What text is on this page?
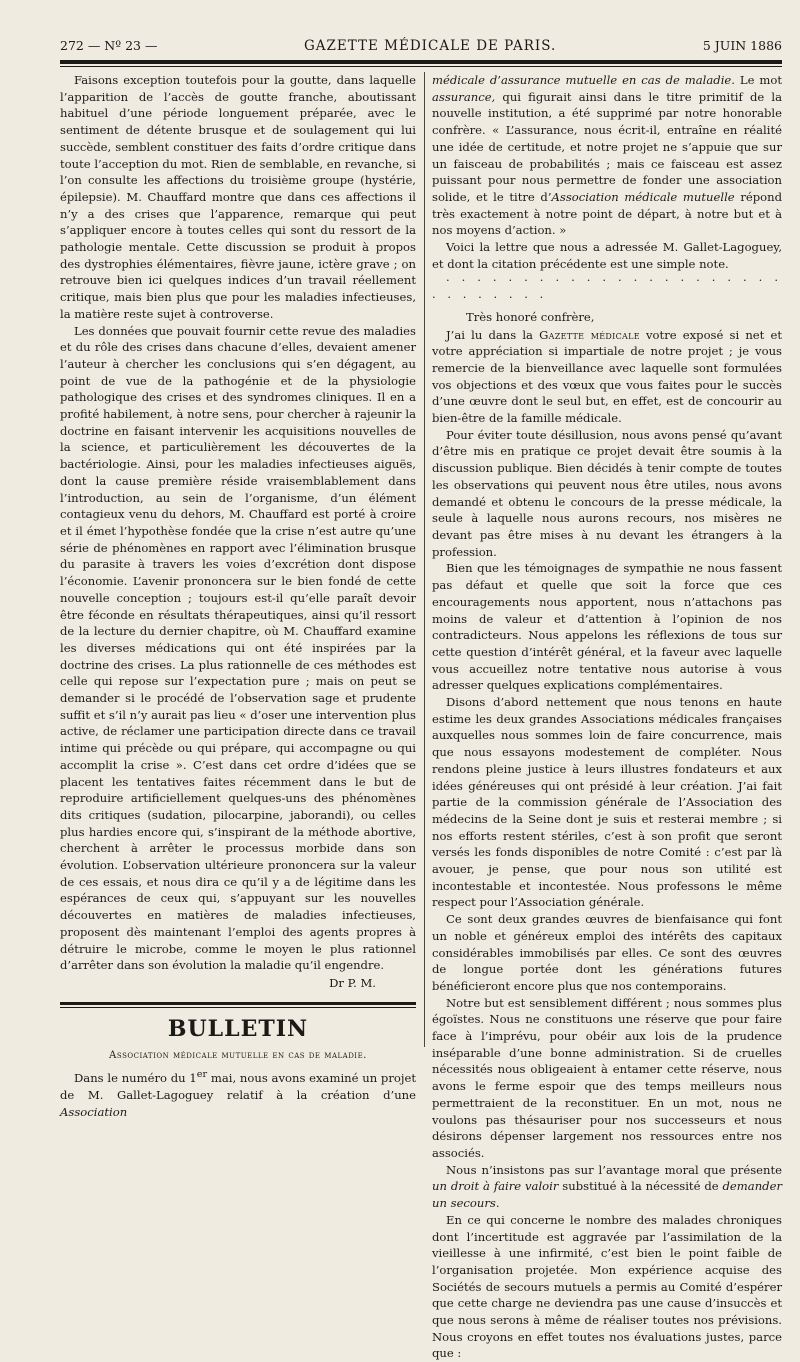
272 — Nº 23 —	GAZETTE MÉDICALE DE PARIS.	5 JUIN 1886

Faisons exception toutefois pour la goutte, dans laquelle l’apparition de l’accès de goutte franche, aboutissant habituel d’une période longuement préparée, avec le sentiment de détente brusque et de soulagement qui lui succède, semblent constituer des faits d’ordre critique dans toute l’acception du mot. Rien de semblable, en revanche, si l’on consulte les affections du troisième groupe (hystérie, épilepsie). M. Chauffard montre que dans ces affections il n’y a des crises que l’apparence, remarque qui peut s’appliquer encore à toutes celles qui sont du ressort de la pathologie mentale. Cette discussion se produit à propos des dystrophies élémentaires, fièvre jaune, ictère grave ; on retrouve bien ici quelques indices d’un travail réellement critique, mais bien plus que pour les maladies infectieuses, la matière reste sujet à controverse.

Les données que pouvait fournir cette revue des maladies et du rôle des crises dans chacune d’elles, devaient amener l’auteur à chercher les conclusions qui s’en dégagent, au point de vue de la pathogénie et de la physiologie pathologique des crises et des syndromes cliniques. Il en a profité habilement, à notre sens, pour chercher à rajeunir la doctrine en faisant intervenir les acquisitions nouvelles de la science, et particulièrement les découvertes de la bactériologie. Ainsi, pour les maladies infectieuses aiguës, dont la cause première réside vraisemblablement dans l’introduction, au sein de l’organisme, d’un élément contagieux venu du dehors, M. Chauffard est porté à croire et il émet l’hypothèse fondée que la crise n’est autre qu’une série de phénomènes en rapport avec l’élimination brusque du parasite à travers les voies d’excrétion dont dispose l’économie. L’avenir prononcera sur le bien fondé de cette nouvelle conception ; toujours est-il qu’elle paraît devoir être féconde en résultats thérapeutiques, ainsi qu’il ressort de la lecture du dernier chapitre, où M. Chauffard examine les diverses médications qui ont été inspirées par la doctrine des crises. La plus rationnelle de ces méthodes est celle qui repose sur l’expectation pure ; mais on peut se demander si le procédé de l’observation sage et prudente suffit et s’il n’y aurait pas lieu « d’oser une intervention plus active, de réclamer une participation directe dans ce travail intime qui précède ou qui prépare, qui accompagne ou qui accomplit la crise ». C’est dans cet ordre d’idées que se placent les tentatives faites récemment dans le but de reproduire artificiellement quelques-uns des phénomènes dits critiques (sudation, pilocarpine, jaborandi), ou celles plus hardies encore qui, s’inspirant de la méthode abortive, cherchent à arrêter le processus morbide dans son évolution. L’observation ultérieure prononcera sur la valeur de ces essais, et nous dira ce qu’il y a de légitime dans les espérances de ceux qui, s’appuyant sur les nouvelles découvertes en matières de maladies infectieuses, proposent dès maintenant l’emploi des agents propres à détruire le microbe, comme le moyen le plus rationnel d’arrêter dans son évolution la maladie qu’il engendre.

Dr P. M.

BULLETIN
Association médicale mutuelle en cas de maladie.

Dans le numéro du 1er mai, nous avons examiné un projet de M. Gallet-Lagoguey relatif à la création d’une Association

médicale d’assurance mutuelle en cas de maladie. Le mot assurance, qui figurait ainsi dans le titre primitif de la nouvelle institution, a été supprimé par notre honorable confrère. « L’assurance, nous écrit-il, entraîne en réalité une idée de certitude, et notre projet ne s’appuie que sur un faisceau de probabilités ; mais ce faisceau est assez puissant pour nous permettre de fonder une association solide, et le titre d’Association médicale mutuelle répond très exactement à notre point de départ, à notre but et à nos moyens d’action. »

Voici la lettre que nous a adressée M. Gallet-Lagoguey, et dont la citation précédente est une simple note.

· · · · · · · · · · · · · · · · · · · · · · · · · · · · · ·

Très honoré confrère,

J’ai lu dans la Gazette médicale votre exposé si net et votre appréciation si impartiale de notre projet ; je vous remercie de la bienveillance avec laquelle sont formulées vos objections et des vœux que vous faites pour le succès d’une œuvre dont le seul but, en effet, est de concourir au bien-être de la famille médicale.

Pour éviter toute désillusion, nous avons pensé qu’avant d’être mis en pratique ce projet devait être soumis à la discussion publique. Bien décidés à tenir compte de toutes les observations qui peuvent nous être utiles, nous avons demandé et obtenu le concours de la presse médicale, la seule à laquelle nous aurons recours, nos misères ne devant pas être mises à nu devant les étrangers à la profession.

Bien que les témoignages de sympathie ne nous fassent pas défaut et quelle que soit la force que ces encouragements nous apportent, nous n’attachons pas moins de valeur et d’attention à l’opinion de nos contradicteurs. Nous appelons les réflexions de tous sur cette question d’intérêt général, et la faveur avec laquelle vous accueillez notre tentative nous autorise à vous adresser quelques explications complémentaires.

Disons d’abord nettement que nous tenons en haute estime les deux grandes Associations médicales françaises auxquelles nous sommes loin de faire concurrence, mais que nous essayons modestement de compléter. Nous rendons pleine justice à leurs illustres fondateurs et aux idées généreuses qui ont présidé à leur création. J’ai fait partie de la commission générale de l’Association des médecins de la Seine dont je suis et resterai membre ; si nos efforts restent stériles, c’est à son profit que seront versés les fonds disponibles de notre Comité : c’est par là avouer, je pense, que pour nous son utilité est incontestable et incontestée. Nous professons le même respect pour l’Association générale.

Ce sont deux grandes œuvres de bienfaisance qui font un noble et généreux emploi des intérêts des capitaux considérables immobilisés par elles. Ce sont des œuvres de longue portée dont les générations futures bénéficieront encore plus que nos contemporains.

Notre but est sensiblement différent ; nous sommes plus égoïstes. Nous ne constituons une réserve que pour faire face à l’imprévu, pour obéir aux lois de la prudence inséparable d’une bonne administration. Si de cruelles nécessités nous obligeaient à entamer cette réserve, nous avons le ferme espoir que des temps meilleurs nous permettraient de la reconstituer. En un mot, nous ne voulons pas thésauriser pour nos successeurs et nous désirons dépenser largement nos ressources entre nos associés.

Nous n’insistons pas sur l’avantage moral que présente un droit à faire valoir substitué à la nécessité de demander un secours.

En ce qui concerne le nombre des malades chroniques dont l’incertitude est aggravée par l’assimilation de la vieillesse à une infirmité, c’est bien le point faible de l’organisation projetée. Mon expérience acquise des Sociétés de secours mutuels a permis au Comité d’espérer que cette charge ne deviendra pas une cause d’insuccès et que nous serons à même de réaliser toutes nos prévisions. Nous croyons en effet toutes nos évaluations justes, parce que :
